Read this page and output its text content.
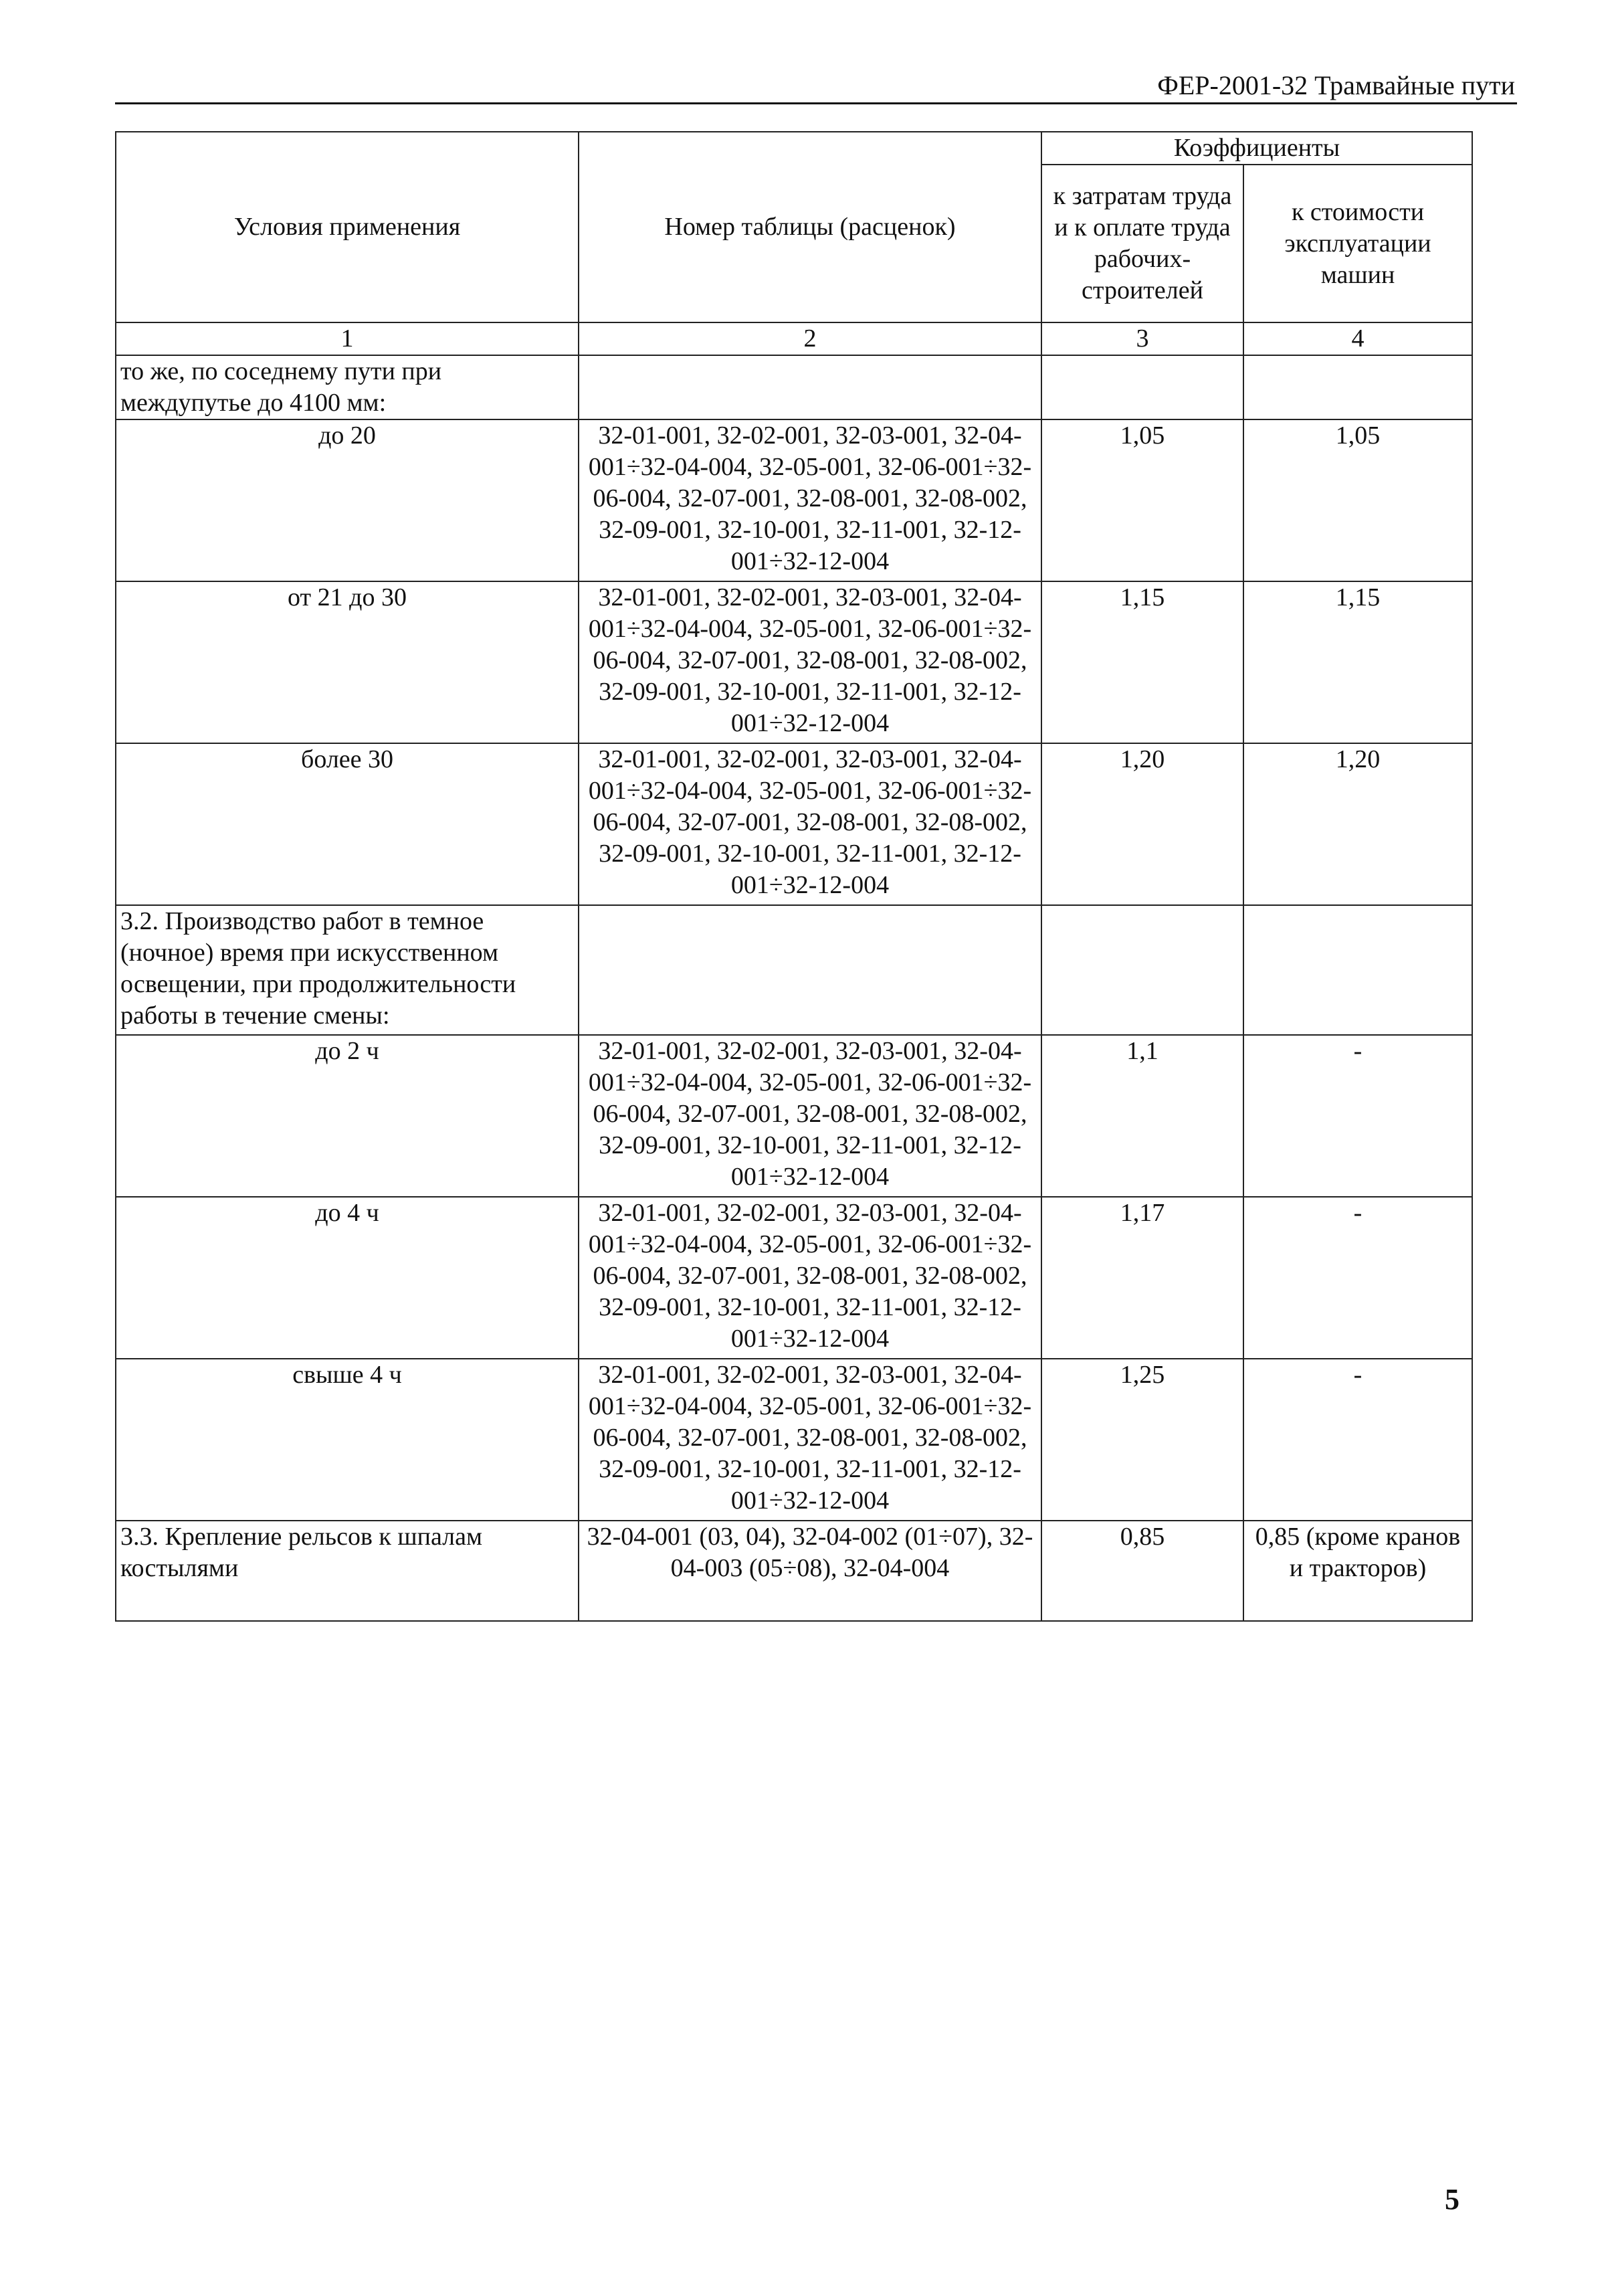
ФЕР-2001-32 Трамвайные пути
Условия применения	Номер таблицы (расценок)	Коэффициенты	
		к затратам труда и к оплате труда рабочих-строителей	к стоимости эксплуатации машин
1	2	3	4
то же, по соседнему пути при междупутье до 4100 мм:			
до 20	32-01-001, 32-02-001, 32-03-001, 32-04-001÷32-04-004, 32-05-001, 32-06-001÷32-06-004, 32-07-001, 32-08-001, 32-08-002, 32-09-001, 32-10-001, 32-11-001, 32-12-001÷32-12-004	1,05	1,05
от 21 до 30	32-01-001, 32-02-001, 32-03-001, 32-04-001÷32-04-004, 32-05-001, 32-06-001÷32-06-004, 32-07-001, 32-08-001, 32-08-002, 32-09-001, 32-10-001, 32-11-001, 32-12-001÷32-12-004	1,15	1,15
более 30	32-01-001, 32-02-001, 32-03-001, 32-04-001÷32-04-004, 32-05-001, 32-06-001÷32-06-004, 32-07-001, 32-08-001, 32-08-002, 32-09-001, 32-10-001, 32-11-001, 32-12-001÷32-12-004	1,20	1,20
3.2. Производство работ в темное (ночное) время при искусственном освещении, при продолжительности работы в течение смены:			
до 2 ч	32-01-001, 32-02-001, 32-03-001, 32-04-001÷32-04-004, 32-05-001, 32-06-001÷32-06-004, 32-07-001, 32-08-001, 32-08-002, 32-09-001, 32-10-001, 32-11-001, 32-12-001÷32-12-004	1,1	-
до 4 ч	32-01-001, 32-02-001, 32-03-001, 32-04-001÷32-04-004, 32-05-001, 32-06-001÷32-06-004, 32-07-001, 32-08-001, 32-08-002, 32-09-001, 32-10-001, 32-11-001, 32-12-001÷32-12-004	1,17	-
свыше 4 ч	32-01-001, 32-02-001, 32-03-001, 32-04-001÷32-04-004, 32-05-001, 32-06-001÷32-06-004, 32-07-001, 32-08-001, 32-08-002, 32-09-001, 32-10-001, 32-11-001, 32-12-001÷32-12-004	1,25	-
3.3. Крепление рельсов к шпалам костылями	32-04-001 (03, 04), 32-04-002 (01÷07), 32-04-003 (05÷08), 32-04-004	0,85	0,85 (кроме кранов и тракторов)
5
